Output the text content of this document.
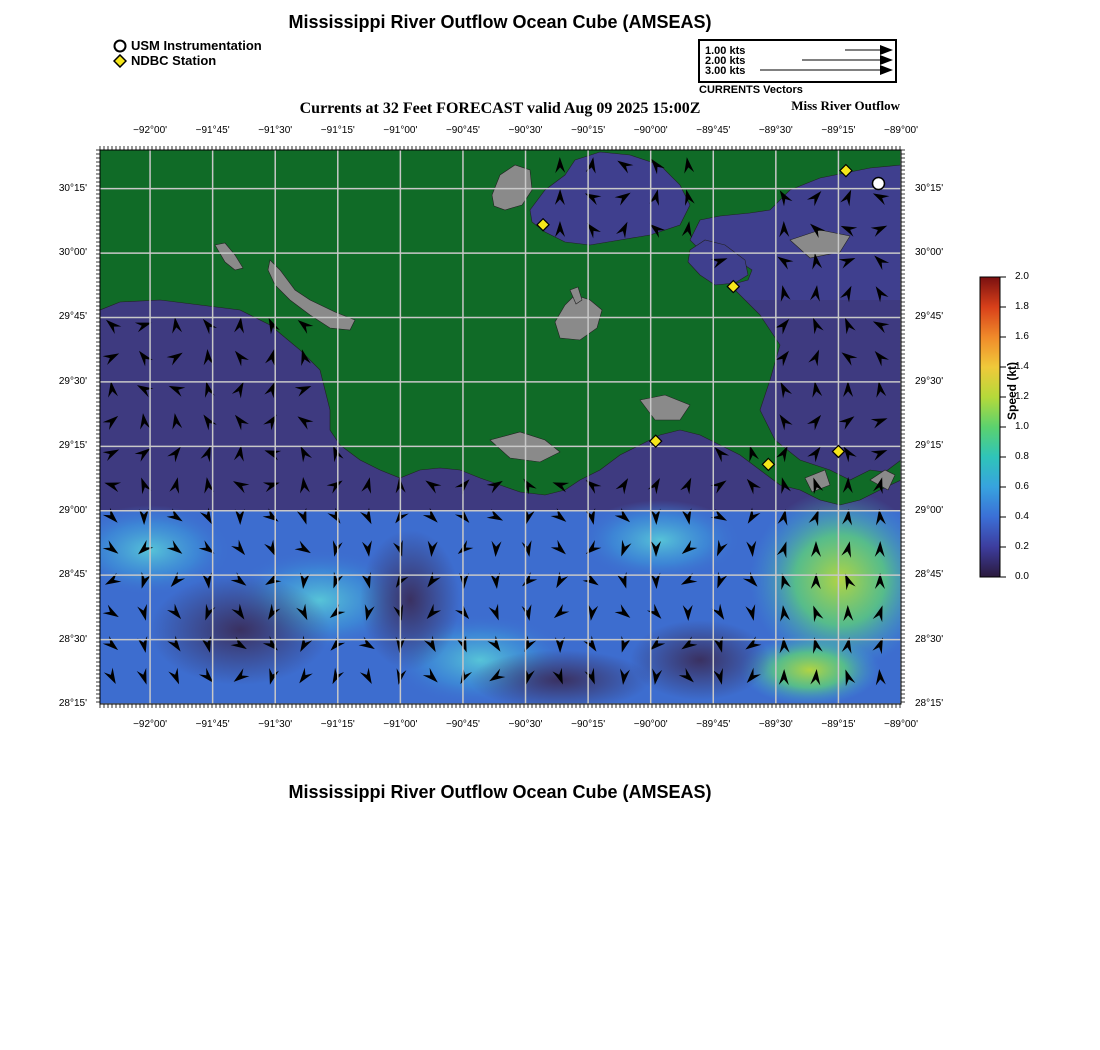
Mississippi River Outflow Ocean Cube (AMSEAS)
USM Instrumentation
NDBC Station
1.00 kts
2.00 kts
3.00 kts
CURRENTS Vectors
Currents at 32 Feet FORECAST valid Aug 09 2025 15:00Z	Miss River Outflow
Speed (kt)
Mississippi River Outflow Ocean Cube (AMSEAS)
−92°00'
−92°00'
−91°45'
−91°45'
−91°30'
−91°30'
−91°15'
−91°15'
−91°00'
−91°00'
−90°45'
−90°45'
−90°30'
−90°30'
−90°15'
−90°15'
−90°00'
−90°00'
−89°45'
−89°45'
−89°30'
−89°30'
−89°15'
−89°15'
−89°00'
−89°00'
30°15'	30°15'
30°00'	30°00'
29°45'	29°45'
29°30'	29°30'
29°15'	29°15'
29°00'	29°00'
28°45'	28°45'
28°30'	28°30'
28°15'	28°15'
2.0
1.8
1.6
1.4
1.2
1.0
0.8
0.6
0.4
0.2
0.0
